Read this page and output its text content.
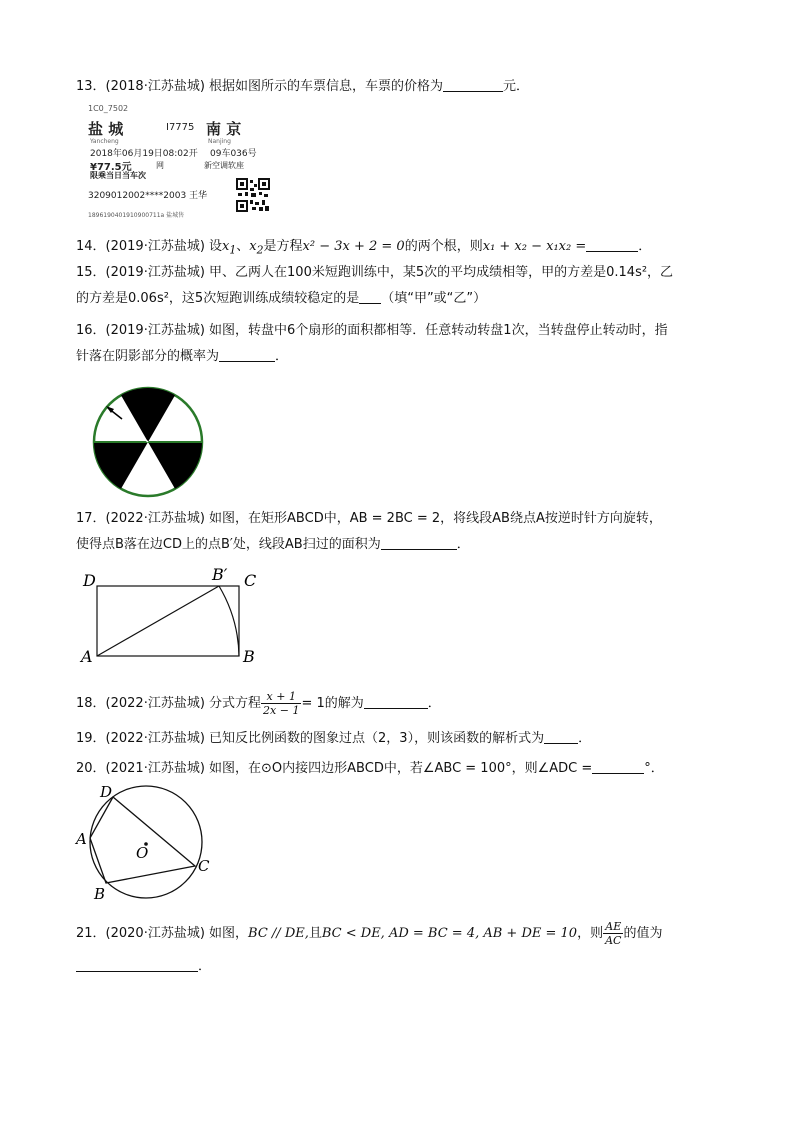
13．(2018·江苏盐城) 根据如图所示的车票信息，车票的价格为	元．
1C0_7502
盐 城	I7775 南 京
Yancheng	Nanjing
2018年06月19日08:02开 09车036号
¥77.5元	网	新空调软座
限乘当日当车次
3209012002****2003 王华
1896190401910900711a 盐城售
14．(2019·江苏盐城) 设$x_1$、$x_2$是方程x² − 3x + 2 = 0的两个根，则x₁ + x₂ − x₁x₂ =	．
15．(2019·江苏盐城) 甲、乙两人在100米短跑训练中，某5次的平均成绩相等，甲的方差是0.14s²，乙
的方差是0.06s²，这5次短跑训练成绩较稳定的是 （填“甲”或“乙”）
16．(2019·江苏盐城) 如图，转盘中6个扇形的面积都相等．任意转动转盘1次，当转盘停止转动时，指
针落在阴影部分的概率为	．
17．(2022·江苏盐城) 如图，在矩形ABCD中，AB = 2BC = 2，将线段AB绕点A按逆时针方向旋转，
使得点B落在边CD上的点B′处，线段AB扫过的面积为	．
D	C
B′
A	B
18．(2022·江苏盐城) 分式方程 $\frac{x + 1}{2x - 1} = 1$的解为	．
19．(2022·江苏盐城) 已知反比例函数的图象过点（2，3），则该函数的解析式为	．
20．(2021·江苏盐城) 如图，在⊙O内接四边形ABCD中，若∠ABC = 100°，则∠ADC =	°．
D
A
B
C
O
21．(2020·江苏盐城) 如图，BC // DE,且BC < DE, AD = BC = 4, AB + DE = 10，则 $\frac{AE}{AC}$ 的值为
．
